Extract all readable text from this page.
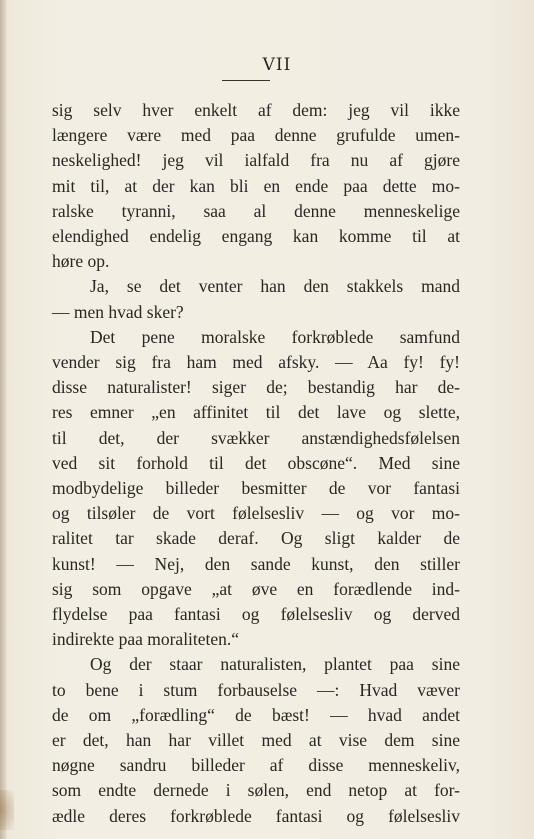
VII
sig selv hver enkelt af dem: jeg vil ikke
længere være med paa denne grufulde umen-
neskelighed! jeg vil ialfald fra nu af gjøre
mit til, at der kan bli en ende paa dette mo-
ralske tyranni, saa al denne menneskelige
elendighed endelig engang kan komme til at
høre op.
Ja, se det venter han den stakkels mand
— men hvad sker?
Det pene moralske forkrøblede samfund
vender sig fra ham med afsky. — Aa fy! fy!
disse naturalister! siger de; bestandig har de-
res emner „en affinitet til det lave og slette,
til det, der svækker anstændighedsfølelsen
ved sit forhold til det obscøne“. Med sine
modbydelige billeder besmitter de vor fantasi
og tilsøler de vort følelsesliv — og vor mo-
ralitet tar skade deraf. Og sligt kalder de
kunst! — Nej, den sande kunst, den stiller
sig som opgave „at øve en forædlende ind-
flydelse paa fantasi og følelsesliv og derved
indirekte paa moraliteten.“
Og der staar naturalisten, plantet paa sine
to bene i stum forbauselse —: Hvad væver
de om „forædling“ de bæst! — hvad andet
er det, han har villet med at vise dem sine
nøgne sandru billeder af disse menneskeliv,
som endte dernede i sølen, end netop at for-
ædle deres forkrøblede fantasi og følelsesliv
